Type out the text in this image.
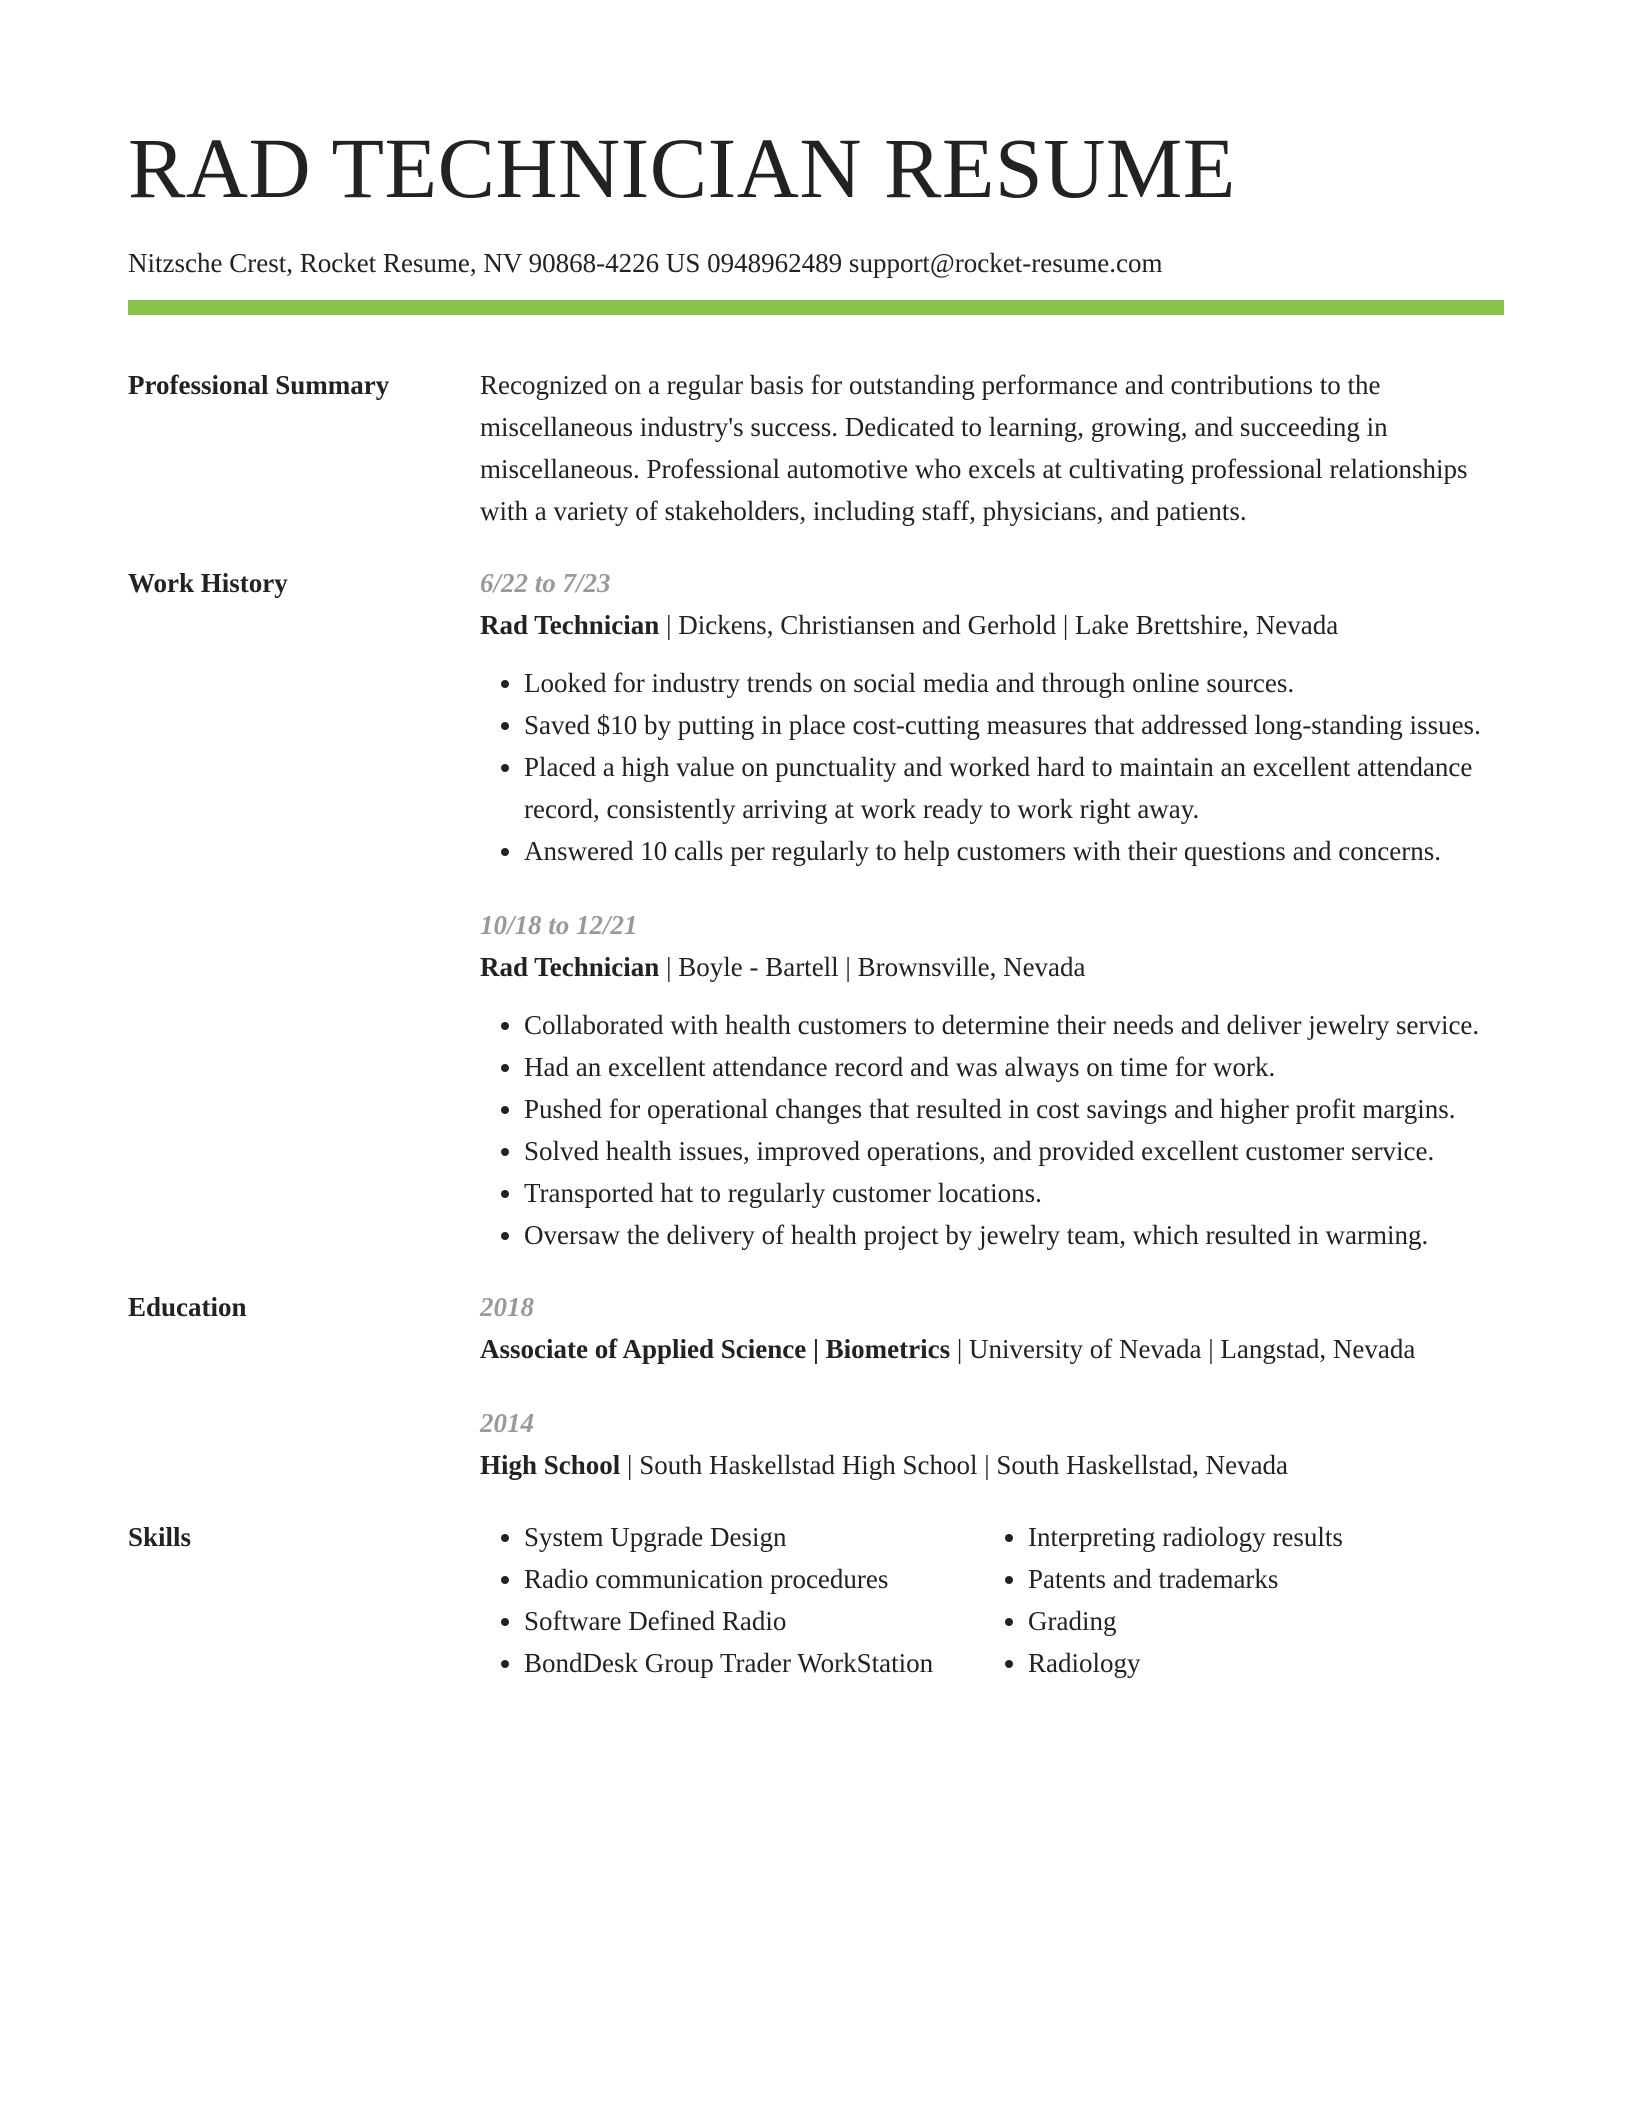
RAD TECHNICIAN RESUME
Nitzsche Crest, Rocket Resume, NV 90868-4226 US 0948962489 support@rocket-resume.com
Professional Summary	Recognized on a regular basis for outstanding performance and contributions to the miscellaneous industry's success. Dedicated to learning, growing, and succeeding in miscellaneous. Professional automotive who excels at cultivating professional relationships with a variety of stakeholders, including staff, physicians, and patients.
Work History	6/22 to 7/23
Rad Technician | Dickens, Christiansen and Gerhold | Lake Brettshire, Nevada
• Looked for industry trends on social media and through online sources.
• Saved $10 by putting in place cost-cutting measures that addressed long-standing issues.
• Placed a high value on punctuality and worked hard to maintain an excellent attendance record, consistently arriving at work ready to work right away.
• Answered 10 calls per regularly to help customers with their questions and concerns.
10/18 to 12/21
Rad Technician | Boyle - Bartell | Brownsville, Nevada
• Collaborated with health customers to determine their needs and deliver jewelry service.
• Had an excellent attendance record and was always on time for work.
• Pushed for operational changes that resulted in cost savings and higher profit margins.
• Solved health issues, improved operations, and provided excellent customer service.
• Transported hat to regularly customer locations.
• Oversaw the delivery of health project by jewelry team, which resulted in warming.
Education	2018
Associate of Applied Science | Biometrics | University of Nevada | Langstad, Nevada
2014
High School | South Haskellstad High School | South Haskellstad, Nevada
Skills
•	System Upgrade Design
• Radio communication procedures
• Software Defined Radio
• BondDesk Group Trader WorkStation
• Interpreting radiology results
• Patents and trademarks
• Grading
• Radiology
